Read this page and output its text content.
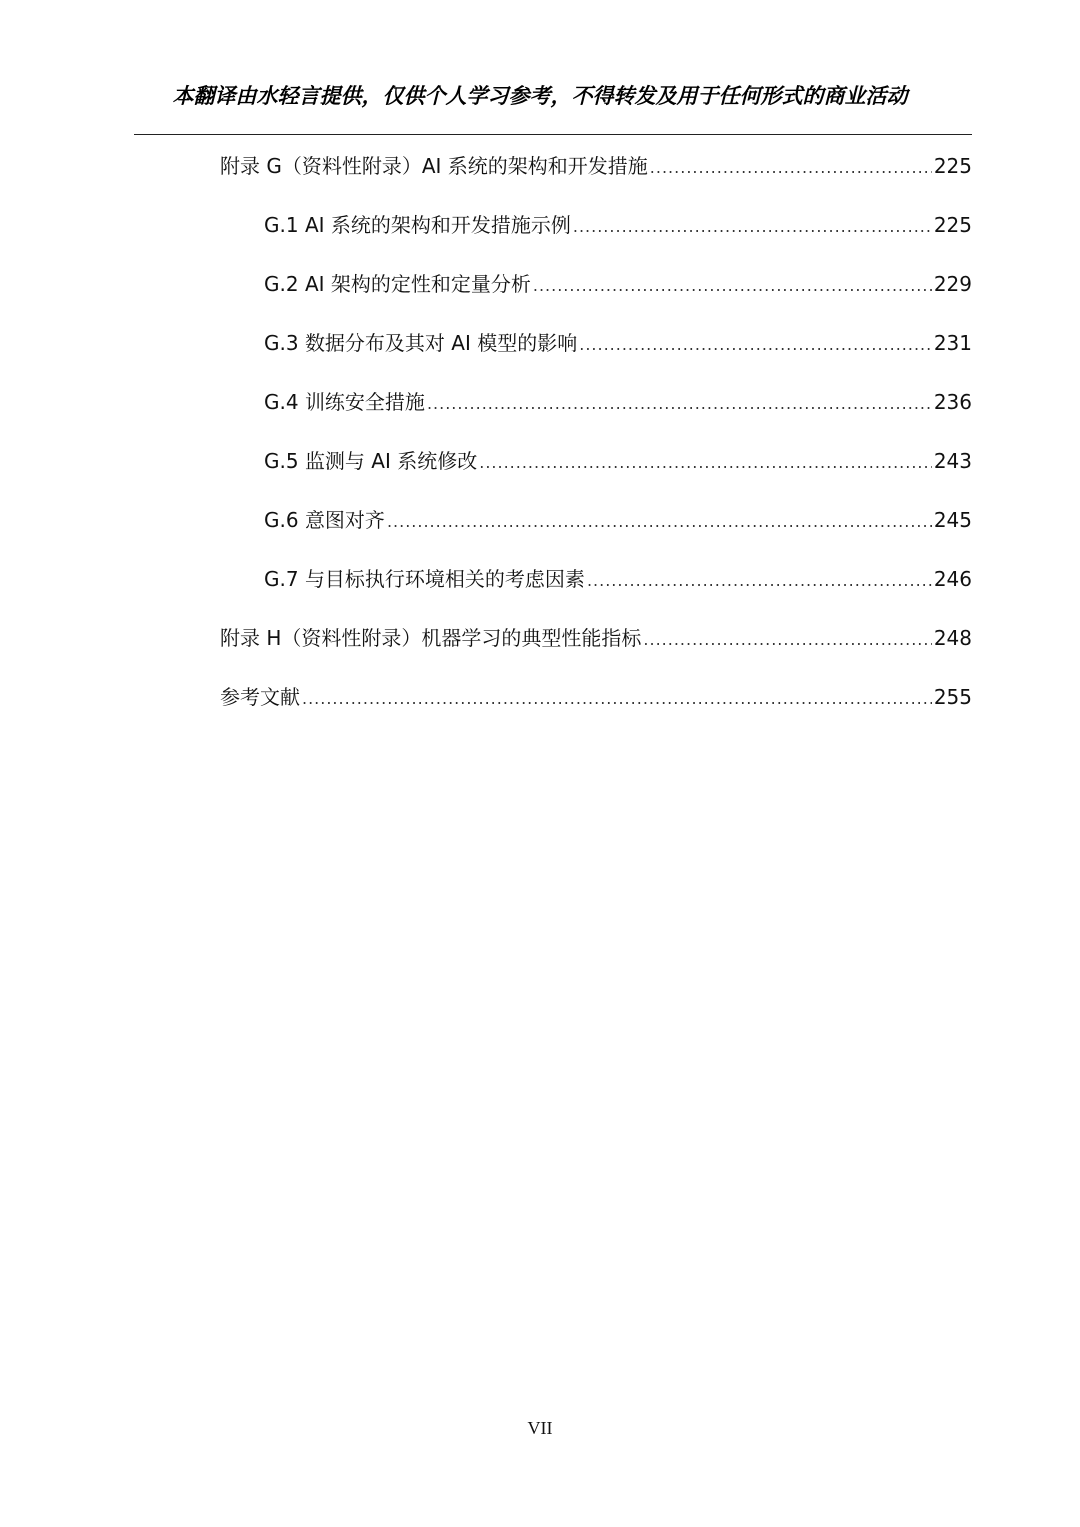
本翻译由水轻言提供，仅供个人学习参考，不得转发及用于任何形式的商业活动
附录 G（资料性附录）AI 系统的架构和开发措施 .....	225
G.1 AI 系统的架构和开发措施示例 .....	225
G.2 AI 架构的定性和定量分析 .....	229
G.3 数据分布及其对 AI 模型的影响 .....	231
G.4 训练安全措施 .....	236
G.5 监测与 AI 系统修改 .....	243
G.6 意图对齐 .....	245
G.7 与目标执行环境相关的考虑因素 .....	246
附录 H（资料性附录）机器学习的典型性能指标 .....	248
参考文献 .....	255
VII
